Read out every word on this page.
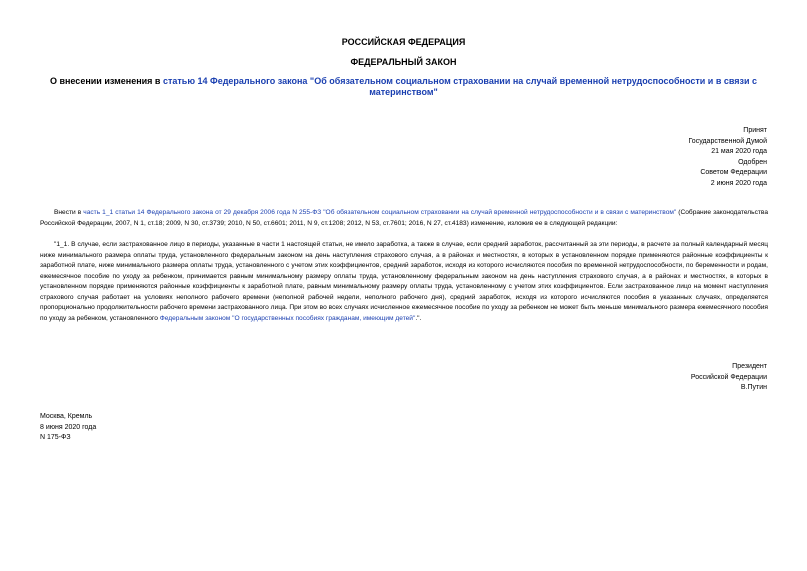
РОССИЙСКАЯ ФЕДЕРАЦИЯ
ФЕДЕРАЛЬНЫЙ ЗАКОН
О внесении изменения в статью 14 Федерального закона "Об обязательном социальном страховании на случай временной нетрудоспособности и в связи с материнством"
Принят
Государственной Думой
21 мая 2020 года
Одобрен
Советом Федерации
2 июня 2020 года
Внести в часть 1_1 статьи 14 Федерального закона от 29 декабря 2006 года N 255-ФЗ "Об обязательном социальном страховании на случай временной нетрудоспособности и в связи с материнством" (Собрание законодательства Российской Федерации, 2007, N 1, ст.18; 2009, N 30, ст.3739; 2010, N 50, ст.6601; 2011, N 9, ст.1208; 2012, N 53, ст.7601; 2016, N 27, ст.4183) изменение, изложив ее в следующей редакции:
"1_1. В случае, если застрахованное лицо в периоды, указанные в части 1 настоящей статьи, не имело заработка, а также в случае, если средний заработок, рассчитанный за эти периоды, в расчете за полный календарный месяц ниже минимального размера оплаты труда, установленного федеральным законом на день наступления страхового случая, а в районах и местностях, в которых в установленном порядке применяются районные коэффициенты к заработной плате, ниже минимального размера оплаты труда, установленного с учетом этих коэффициентов, средний заработок, исходя из которого исчисляются пособия по временной нетрудоспособности, по беременности и родам, ежемесячное пособие по уходу за ребенком, принимается равным минимальному размеру оплаты труда, установленному федеральным законом на день наступления страхового случая, а в районах и местностях, в которых в установленном порядке применяются районные коэффициенты к заработной плате, равным минимальному размеру оплаты труда, установленному с учетом этих коэффициентов. Если застрахованное лицо на момент наступления страхового случая работает на условиях неполного рабочего времени (неполной рабочей недели, неполного рабочего дня), средний заработок, исходя из которого исчисляются пособия в указанных случаях, определяется пропорционально продолжительности рабочего времени застрахованного лица. При этом во всех случаях исчисленное ежемесячное пособие по уходу за ребенком не может быть меньше минимального размера ежемесячного пособия по уходу за ребенком, установленного Федеральным законом "О государственных пособиях гражданам, имеющим детей".".
Президент
Российской Федерации
В.Путин
Москва, Кремль
8 июня 2020 года
N 175-ФЗ
